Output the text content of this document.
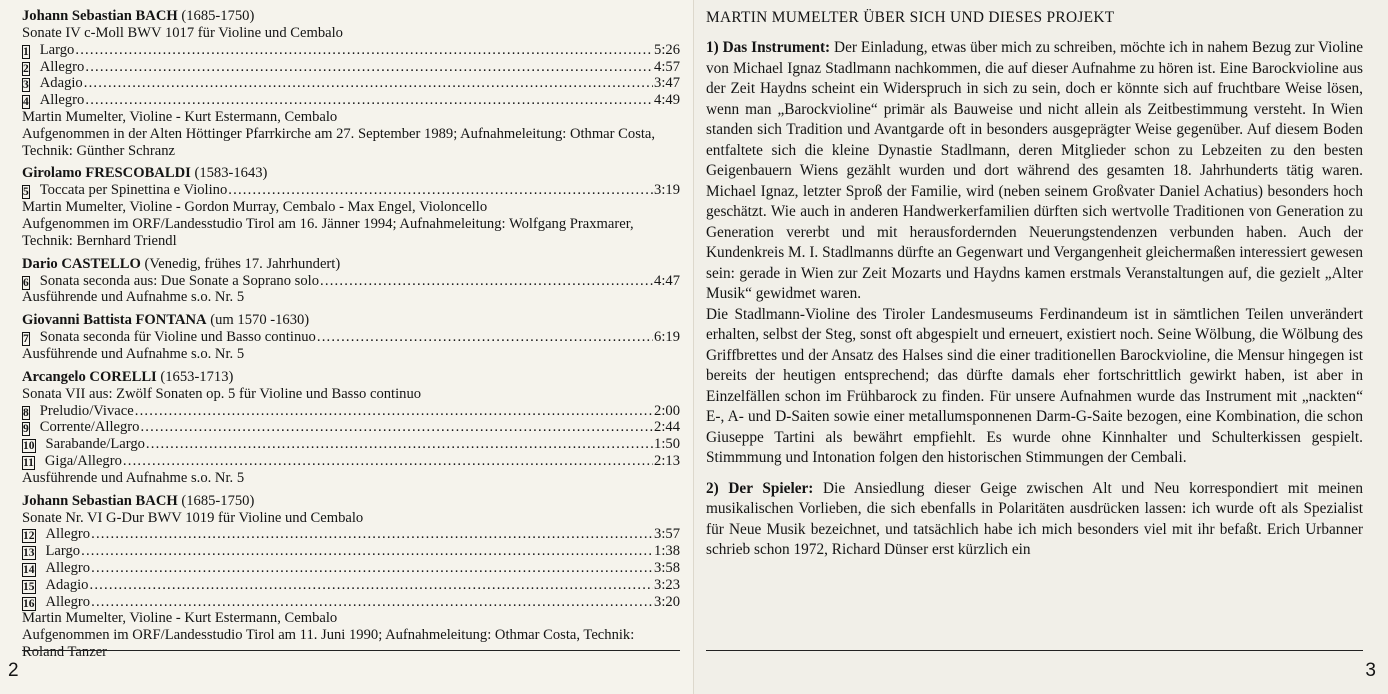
Johann Sebastian BACH (1685-1750)
Sonate IV c-Moll BWV 1017 für Violine und Cembalo
1 Largo .....	5:26
2 Allegro .....	4:57
3 Adagio .....	3:47
4 Allegro .....	4:49
Martin Mumelter, Violine - Kurt Estermann, Cembalo
Aufgenommen in der Alten Höttinger Pfarrkirche am 27. September 1989; Aufnahmeleitung: Othmar Costa, Technik: Günther Schranz
Girolamo FRESCOBALDI (1583-1643)
5 Toccata per Spinettina e Violino .....	3:19
Martin Mumelter, Violine - Gordon Murray, Cembalo - Max Engel, Violoncello
Aufgenommen im ORF/Landesstudio Tirol am 16. Jänner 1994; Aufnahmeleitung: Wolfgang Praxmarer, Technik: Bernhard Triendl
Dario CASTELLO (Venedig, frühes 17. Jahrhundert)
6 Sonata seconda aus: Due Sonate a Soprano solo .....	4:47
Ausführende und Aufnahme s.o. Nr. 5
Giovanni Battista FONTANA (um 1570 -1630)
7 Sonata seconda für Violine und Basso continuo .....	6:19
Ausführende und Aufnahme s.o. Nr. 5
Arcangelo CORELLI (1653-1713)
Sonata VII aus: Zwölf Sonaten op. 5 für Violine und Basso continuo
8 Preludio/Vivace .....	2:00
9 Corrente/Allegro .....	2:44
10 Sarabande/Largo .....	1:50
11 Giga/Allegro .....	2:13
Ausführende und Aufnahme s.o. Nr. 5
Johann Sebastian BACH (1685-1750)
Sonate Nr. VI G-Dur BWV 1019 für Violine und Cembalo
12 Allegro .....	3:57
13 Largo .....	1:38
14 Allegro .....	3:58
15 Adagio .....	3:23
16 Allegro .....	3:20
Martin Mumelter, Violine - Kurt Estermann, Cembalo
Aufgenommen im ORF/Landesstudio Tirol am 11. Juni 1990; Aufnahmeleitung: Othmar Costa, Technik: Roland Tanzer
2
MARTIN MUMELTER ÜBER SICH UND DIESES PROJEKT

1) Das Instrument: Der Einladung, etwas über mich zu schreiben, möchte ich in nahem Bezug zur Violine von Michael Ignaz Stadlmann nachkommen, die auf dieser Aufnahme zu hören ist. Eine Barockvioline aus der Zeit Haydns scheint ein Widerspruch in sich zu sein, doch er könnte sich auf fruchtbare Weise lösen, wenn man „Barockvioline“ primär als Bauweise und nicht allein als Zeitbestimmung versteht. In Wien standen sich Tradition und Avantgarde oft in besonders ausgeprägter Weise gegenüber. Auf diesem Boden entfaltete sich die kleine Dynastie Stadlmann, deren Mitglieder schon zu Lebzeiten zu den besten Geigenbauern Wiens gezählt wurden und dort während des gesamten 18. Jahrhunderts tätig waren. Michael Ignaz, letzter Sproß der Familie, wird (neben seinem Großvater Daniel Achatius) besonders hoch geschätzt. Wie auch in anderen Handwerkerfamilien dürften sich wertvolle Traditionen von Generation zu Generation vererbt und mit herausfordernden Neuerungstendenzen verbunden haben. Auch der Kundenkreis M. I. Stadlmanns dürfte an Gegenwart und Vergangenheit gleichermaßen interessiert gewesen sein: gerade in Wien zur Zeit Mozarts und Haydns kamen erstmals Veranstaltungen auf, die gezielt „Alter Musik“ gewidmet waren.

Die Stadlmann-Violine des Tiroler Landesmuseums Ferdinandeum ist in sämtlichen Teilen unverändert erhalten, selbst der Steg, sonst oft abgespielt und erneuert, existiert noch. Seine Wölbung, die Wölbung des Griffbrettes und der Ansatz des Halses sind die einer traditionellen Barockvioline, die Mensur hingegen ist bereits der heutigen entsprechend; das dürfte damals eher fortschrittlich gewirkt haben, ist aber in Einzelfällen schon im Frühbarock zu finden. Für unsere Aufnahmen wurde das Instrument mit „nackten“ E-, A- und D-Saiten sowie einer metallumsponnenen Darm-G-Saite bezogen, eine Kombination, die schon Giuseppe Tartini als bewährt empfiehlt. Es wurde ohne Kinnhalter und Schulterkissen gespielt. Stimmmung und Intonation folgen den historischen Stimmungen der Cembali.

2) Der Spieler: Die Ansiedlung dieser Geige zwischen Alt und Neu korrespondiert mit meinen musikalischen Vorlieben, die sich ebenfalls in Polaritäten ausdrücken lassen: ich wurde oft als Spezialist für Neue Musik bezeichnet, und tatsächlich habe ich mich besonders viel mit ihr befaßt. Erich Urbanner schrieb schon 1972, Richard Dünser erst kürzlich ein

3
